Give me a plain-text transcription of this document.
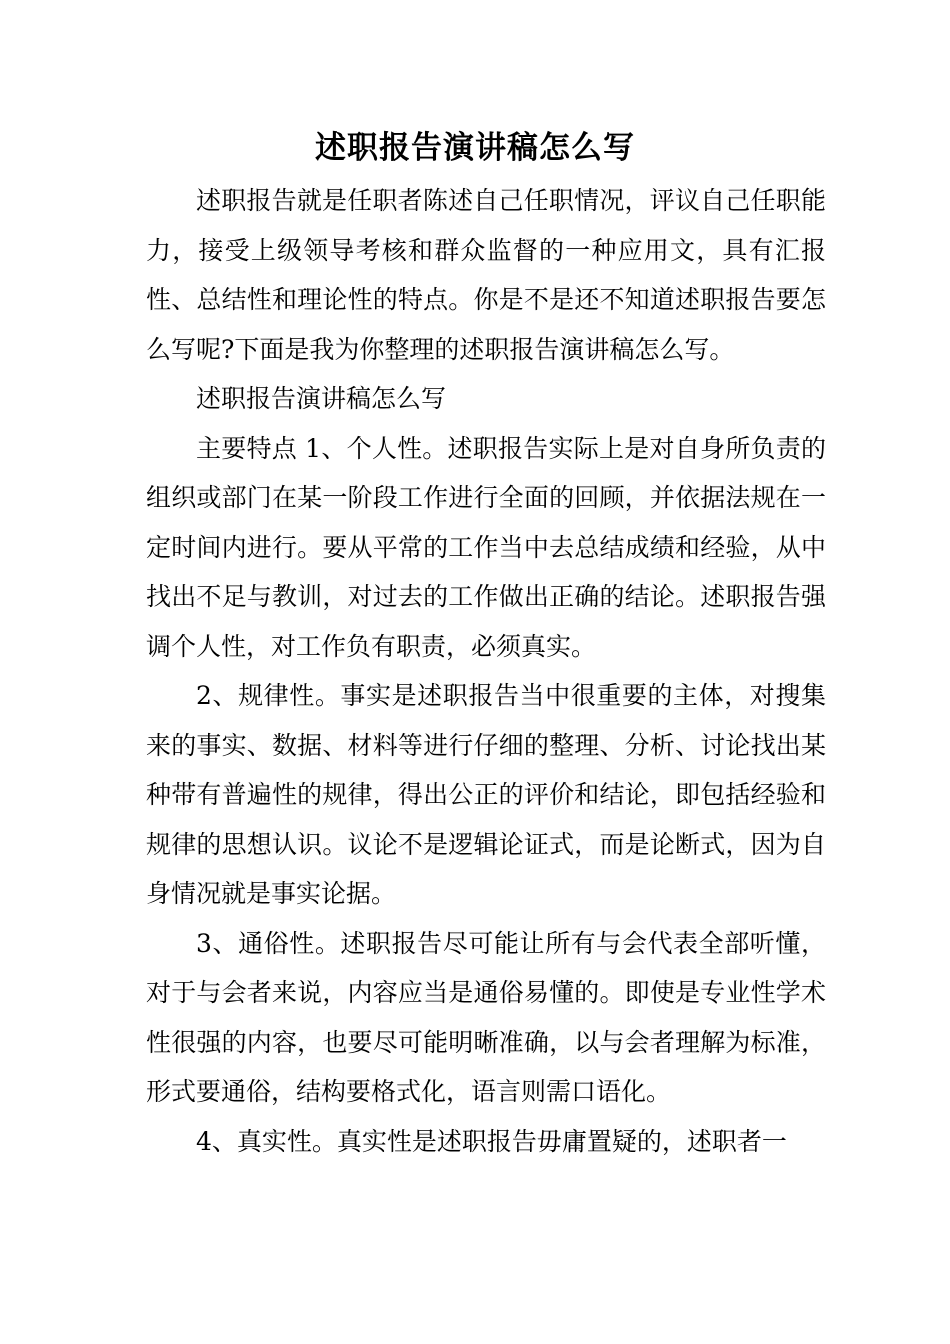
述职报告演讲稿怎么写

述职报告就是任职者陈述自己任职情况，评议自己任职能力，接受上级领导考核和群众监督的一种应用文，具有汇报性、总结性和理论性的特点。你是不是还不知道述职报告要怎么写呢?下面是我为你整理的述职报告演讲稿怎么写。

述职报告演讲稿怎么写

主要特点 1、个人性。述职报告实际上是对自身所负责的组织或部门在某一阶段工作进行全面的回顾，并依据法规在一定时间内进行。要从平常的工作当中去总结成绩和经验，从中找出不足与教训，对过去的工作做出正确的结论。述职报告强调个人性，对工作负有职责，必须真实。

2、规律性。事实是述职报告当中很重要的主体，对搜集来的事实、数据、材料等进行仔细的整理、分析、讨论找出某种带有普遍性的规律，得出公正的评价和结论，即包括经验和规律的思想认识。议论不是逻辑论证式，而是论断式，因为自身情况就是事实论据。

3、通俗性。述职报告尽可能让所有与会代表全部听懂，对于与会者来说，内容应当是通俗易懂的。即使是专业性学术性很强的内容，也要尽可能明晰准确，以与会者理解为标准，形式要通俗，结构要格式化，语言则需口语化。

4、真实性。真实性是述职报告毋庸置疑的，述职者一
